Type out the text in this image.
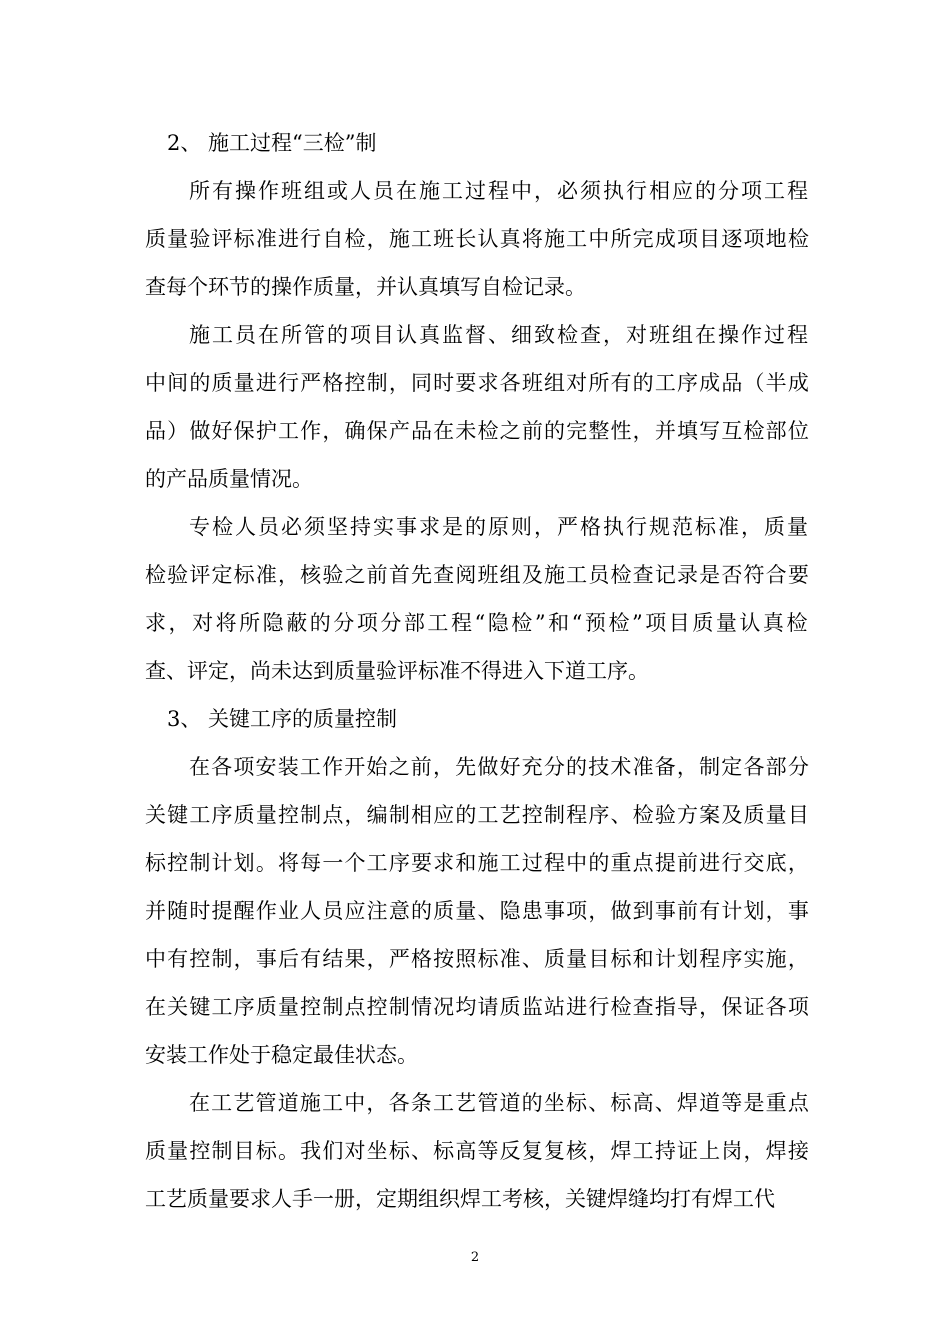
2、 施工过程“三检”制
所有操作班组或人员在施工过程中，必须执行相应的分项工程
质量验评标准进行自检，施工班长认真将施工中所完成项目逐项地检
查每个环节的操作质量，并认真填写自检记录。
施工员在所管的项目认真监督、细致检查，对班组在操作过程
中间的质量进行严格控制，同时要求各班组对所有的工序成品（半成
品）做好保护工作，确保产品在未检之前的完整性，并填写互检部位
的产品质量情况。
专检人员必须坚持实事求是的原则，严格执行规范标准，质量
检验评定标准，核验之前首先查阅班组及施工员检查记录是否符合要
求，对将所隐蔽的分项分部工程“隐检”和“预检”项目质量认真检
查、评定，尚未达到质量验评标准不得进入下道工序。
3、 关键工序的质量控制
在各项安装工作开始之前，先做好充分的技术准备，制定各部分
关键工序质量控制点，编制相应的工艺控制程序、检验方案及质量目
标控制计划。将每一个工序要求和施工过程中的重点提前进行交底，
并随时提醒作业人员应注意的质量、隐患事项，做到事前有计划，事
中有控制，事后有结果，严格按照标准、质量目标和计划程序实施，
在关键工序质量控制点控制情况均请质监站进行检查指导，保证各项
安装工作处于稳定最佳状态。
在工艺管道施工中，各条工艺管道的坐标、标高、焊道等是重点
质量控制目标。我们对坐标、标高等反复复核，焊工持证上岗，焊接
工艺质量要求人手一册，定期组织焊工考核，关键焊缝均打有焊工代
2
